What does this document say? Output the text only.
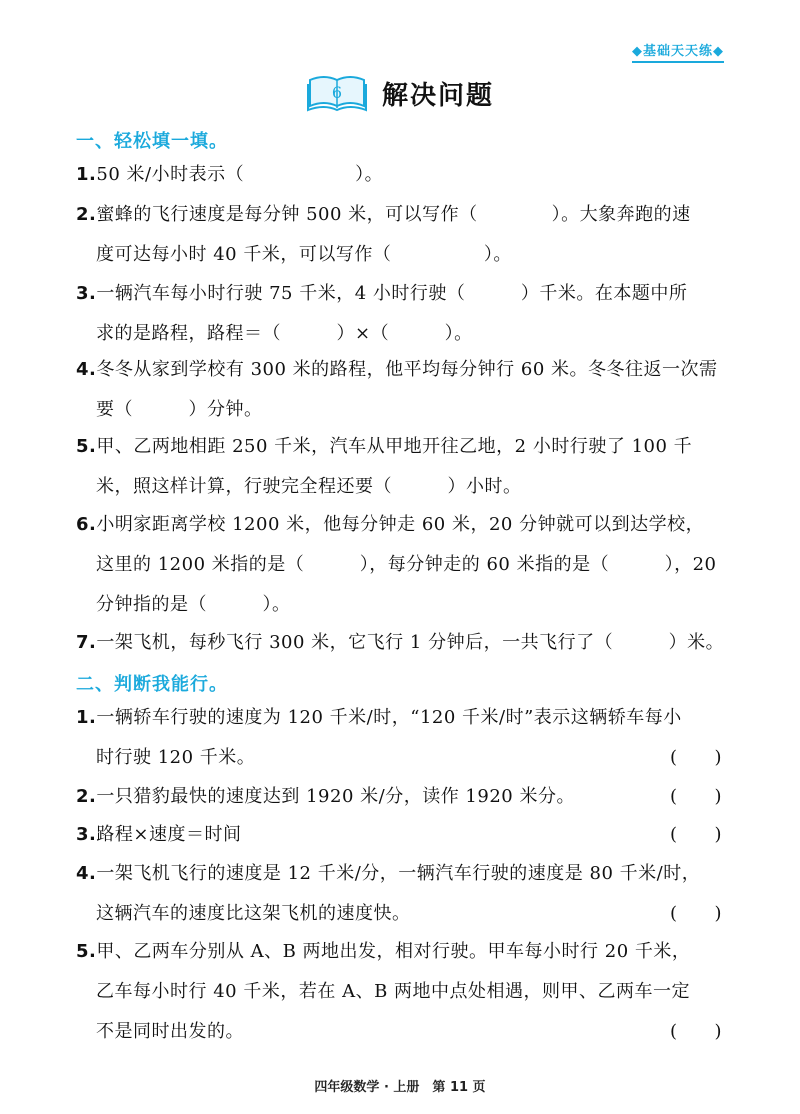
◆基础天天练◆
6 解决问题
一、轻松填一填。
1.50 米/小时表示（　　　　　　）。
2.蜜蜂的飞行速度是每分钟 500 米，可以写作（　　　　）。大象奔跑的速
度可达每小时 40 千米，可以写作（　　　　　）。
3.一辆汽车每小时行驶 75 千米，4 小时行驶（　　　）千米。在本题中所
求的是路程，路程＝（　　　）×（　　　）。
4.冬冬从家到学校有 300 米的路程，他平均每分钟行 60 米。冬冬往返一次需
要（　　　）分钟。
5.甲、乙两地相距 250 千米，汽车从甲地开往乙地，2 小时行驶了 100 千
米，照这样计算，行驶完全程还要（　　　）小时。
6.小明家距离学校 1200 米，他每分钟走 60 米，20 分钟就可以到达学校，
这里的 1200 米指的是（　　　），每分钟走的 60 米指的是（　　　），20
分钟指的是（　　　）。
7.一架飞机，每秒飞行 300 米，它飞行 1 分钟后，一共飞行了（　　　）米。
二、判断我能行。
1.一辆轿车行驶的速度为 120 千米/时，“120 千米/时”表示这辆轿车每小
时行驶 120 千米。	(　　)
2.一只猎豹最快的速度达到 1920 米/分，读作 1920 米分。	(　　)
3.路程×速度＝时间	(　　)
4.一架飞机飞行的速度是 12 千米/分，一辆汽车行驶的速度是 80 千米/时，
这辆汽车的速度比这架飞机的速度快。	(　　)
5.甲、乙两车分别从 A、B 两地出发，相对行驶。甲车每小时行 20 千米，
乙车每小时行 40 千米，若在 A、B 两地中点处相遇，则甲、乙两车一定
不是同时出发的。	(　　)
四年级数学 · 上册　第 11 页
